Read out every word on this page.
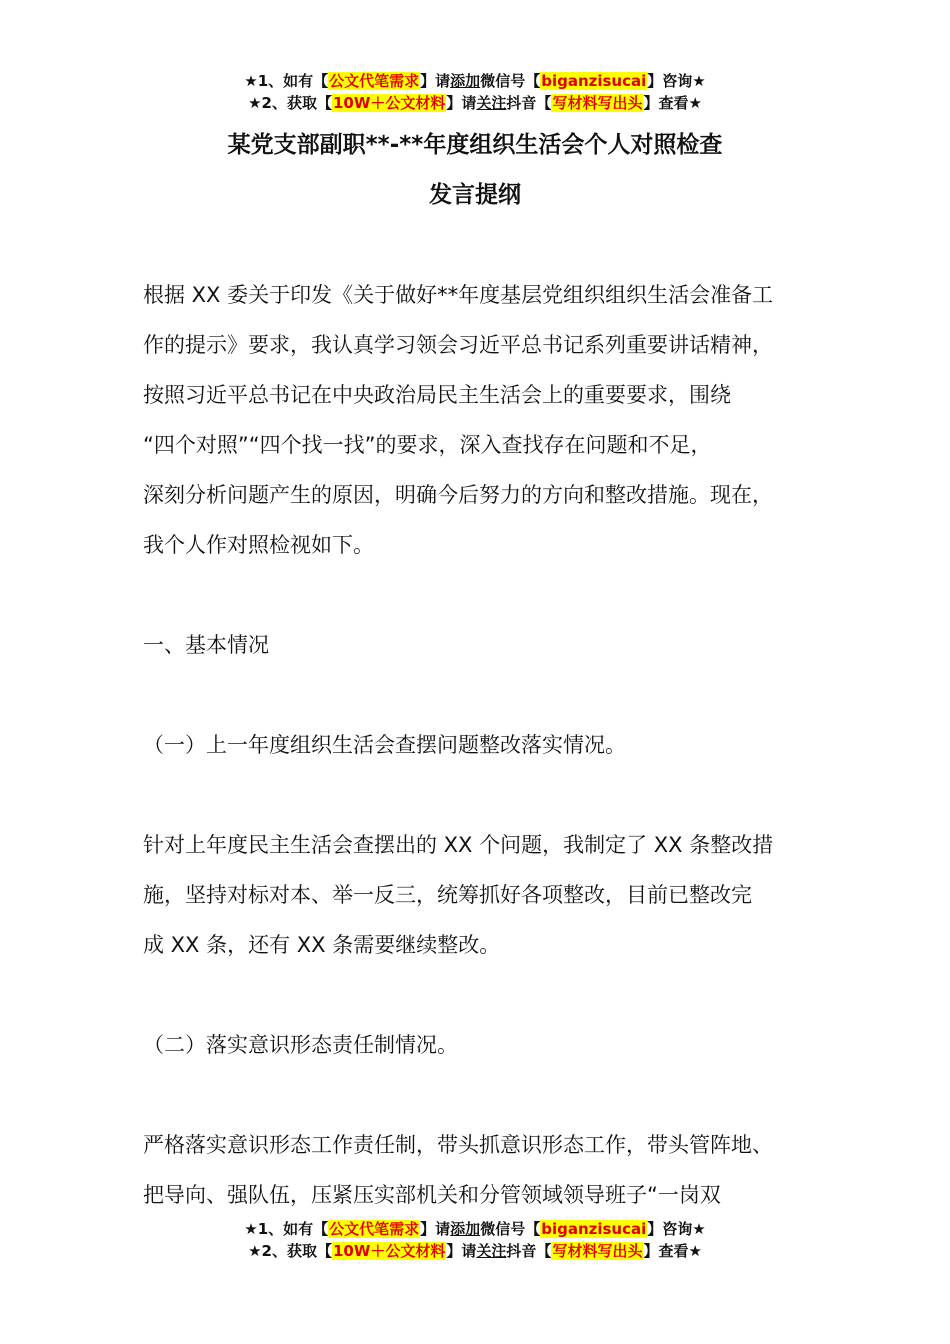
★1、如有【公文代笔需求】请添加微信号【biganzisucai】咨询★
★2、获取【10W＋公文材料】请关注抖音【写材料写出头】查看★
某党支部副职**-**年度组织生活会个人对照检查
发言提纲

根据 XX 委关于印发《关于做好**年度基层党组织组织生活会准备工
作的提示》要求，我认真学习领会习近平总书记系列重要讲话精神，
按照习近平总书记在中央政治局民主生活会上的重要要求，围绕
“四个对照”“四个找一找”的要求，深入查找存在问题和不足，
深刻分析问题产生的原因，明确今后努力的方向和整改措施。现在，
我个人作对照检视如下。

一、基本情况

（一）上一年度组织生活会查摆问题整改落实情况。

针对上年度民主生活会查摆出的 XX 个问题，我制定了 XX 条整改措
施，坚持对标对本、举一反三，统筹抓好各项整改，目前已整改完
成 XX 条，还有 XX 条需要继续整改。

（二）落实意识形态责任制情况。

严格落实意识形态工作责任制，带头抓意识形态工作，带头管阵地、
把导向、强队伍，压紧压实部机关和分管领域领导班子“一岗双

★1、如有【公文代笔需求】请添加微信号【biganzisucai】咨询★
★2、获取【10W＋公文材料】请关注抖音【写材料写出头】查看★
